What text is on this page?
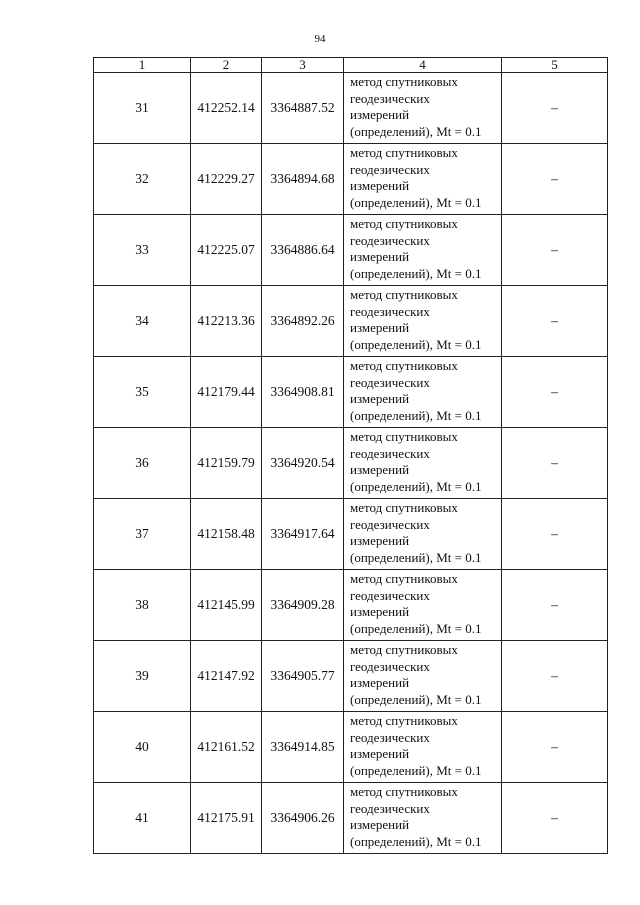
94
1	2	3	4	5
31	412252.14	3364887.52	метод спутниковых
геодезических
измерений
(определений), Mt = 0.1	–
32	412229.27	3364894.68	метод спутниковых
геодезических
измерений
(определений), Mt = 0.1	–
33	412225.07	3364886.64	метод спутниковых
геодезических
измерений
(определений), Mt = 0.1	–
34	412213.36	3364892.26	метод спутниковых
геодезических
измерений
(определений), Mt = 0.1	–
35	412179.44	3364908.81	метод спутниковых
геодезических
измерений
(определений), Mt = 0.1	–
36	412159.79	3364920.54	метод спутниковых
геодезических
измерений
(определений), Mt = 0.1	–
37	412158.48	3364917.64	метод спутниковых
геодезических
измерений
(определений), Mt = 0.1	–
38	412145.99	3364909.28	метод спутниковых
геодезических
измерений
(определений), Mt = 0.1	–
39	412147.92	3364905.77	метод спутниковых
геодезических
измерений
(определений), Mt = 0.1	–
40	412161.52	3364914.85	метод спутниковых
геодезических
измерений
(определений), Mt = 0.1	–
41	412175.91	3364906.26	метод спутниковых
геодезических
измерений
(определений), Mt = 0.1	–
